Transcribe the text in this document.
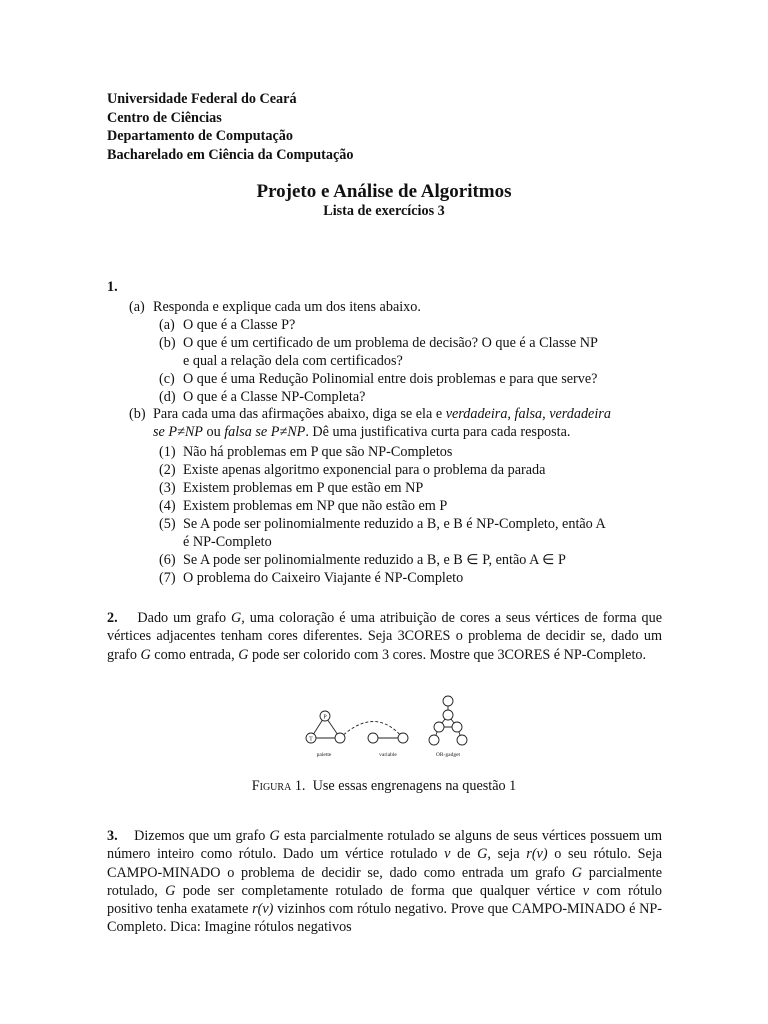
Universidade Federal do Ceará
Centro de Ciências
Departamento de Computação
Bacharelado em Ciência da Computação
Projeto e Análise de Algoritmos
Lista de exercícios 3
1.
(a) Responda e explique cada um dos itens abaixo.
(a) O que é a Classe P?
(b) O que é um certificado de um problema de decisão? O que é a Classe NP
e qual a relação dela com certificados?
(c) O que é uma Redução Polinomial entre dois problemas e para que serve?
(d) O que é a Classe NP-Completa?
(b) Para cada uma das afirmações abaixo, diga se ela e verdadeira, falsa, verdadeira
se P≠NP ou falsa se P≠NP. Dê uma justificativa curta para cada resposta.
(1) Não há problemas em P que são NP-Completos
(2) Existe apenas algoritmo exponencial para o problema da parada
(3) Existem problemas em P que estão em NP
(4) Existem problemas em NP que não estão em P
(5) Se A pode ser polinomialmente reduzido a B, e B é NP-Completo, então A
é NP-Completo
(6) Se A pode ser polinomialmente reduzido a B, e B ∈ P, então A ∈ P
(7) O problema do Caixeiro Viajante é NP-Completo
2. Dado um grafo G, uma coloração é uma atribuição de cores a seus vértices de forma que vértices adjacentes tenham cores diferentes. Seja 3CORES o problema de decidir se, dado um grafo G como entrada, G pode ser colorido com 3 cores. Mostre que 3CORES é NP-Completo.
P
T
palette	variable	OR-gadget
Figura 1. Use essas engrenagens na questão 1
3. Dizemos que um grafo G esta parcialmente rotulado se alguns de seus vértices possuem um número inteiro como rótulo. Dado um vértice rotulado v de G, seja r(v) o seu rótulo. Seja CAMPO-MINADO o problema de decidir se, dado como entrada um grafo G parcialmente rotulado, G pode ser completamente rotulado de forma que qualquer vértice v com rótulo positivo tenha exatamete r(v) vizinhos com rótulo negativo. Prove que CAMPO-MINADO é NP-Completo. Dica: Imagine rótulos negativos
